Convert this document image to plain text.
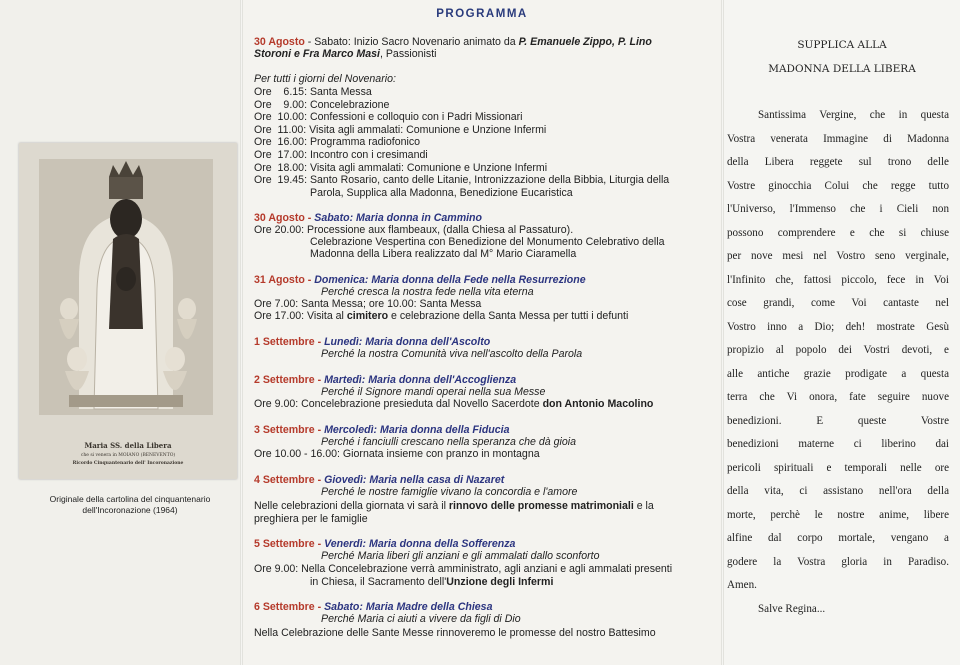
Maria SS. della Libera
che si venera in MOIANO (BENEVENTO)
Ricordo Cinquantenario dell' Incoronazione
Originale della cartolina del cinquantenario
dell'Incoronazione (1964)
PROGRAMMA
30 Agosto - Sabato: Inizio Sacro Novenario animato da P. Emanuele Zippo, P. Lino
Storoni e Fra Marco Masi, Passionisti
Per tutti i giorni del Novenario:
Ore    6.15: Santa Messa
Ore    9.00: Concelebrazione
Ore  10.00: Confessioni e colloquio con i Padri Missionari
Ore  11.00: Visita agli ammalati: Comunione e Unzione Infermi
Ore  16.00: Programma radiofonico
Ore  17.00: Incontro con i cresimandi
Ore  18.00: Visita agli ammalati: Comunione e Unzione Infermi
Ore  19.45: Santo Rosario, canto delle Litanie, Intronizzazione della Bibbia, Liturgia della
Parola, Supplica alla Madonna, Benedizione Eucaristica
30 Agosto - Sabato: Maria donna in Cammino
Ore 20.00: Processione aux flambeaux, (dalla Chiesa al Passaturo).
Celebrazione Vespertina con Benedizione del Monumento Celebrativo della
Madonna della Libera realizzato dal M° Mario Ciaramella
31 Agosto - Domenica: Maria donna della Fede nella Resurrezione
Perché cresca la nostra fede nella vita eterna
Ore 7.00: Santa Messa; ore 10.00: Santa Messa
Ore 17.00: Visita al cimitero e celebrazione della Santa Messa per tutti i defunti
1 Settembre - Lunedì: Maria donna dell'Ascolto
Perché la nostra Comunità viva nell'ascolto della Parola
2 Settembre - Martedì: Maria donna dell'Accoglienza
Perché il Signore mandi operai nella sua Messe
Ore 9.00: Concelebrazione presieduta dal Novello Sacerdote don Antonio Macolino
3 Settembre - Mercoledì: Maria donna della Fiducia
Perché i fanciulli crescano nella speranza che dà gioia
Ore 10.00 - 16.00: Giornata insieme con pranzo in montagna
4 Settembre - Giovedì: Maria nella casa di Nazaret
Perché le nostre famiglie vivano la concordia e l'amore
Nelle celebrazioni della giornata vi sarà il rinnovo delle promesse matrimoniali e la
preghiera per le famiglie
5 Settembre - Venerdì: Maria donna della Sofferenza
Perché Maria liberi gli anziani e gli ammalati dallo sconforto
Ore 9.00: Nella Concelebrazione verrà amministrato, agli anziani e agli ammalati presenti
in Chiesa, il Sacramento dell'Unzione degli Infermi
6 Settembre - Sabato: Maria Madre della Chiesa
Perché Maria ci aiuti a vivere da figli di Dio
Nella Celebrazione delle Sante Messe rinnoveremo le promesse del nostro Battesimo
SUPPLICA ALLA
MADONNA DELLA LIBERA
Santissima Vergine, che in questa
Vostra venerata Immagine di Madonna
della Libera reggete sul trono delle
Vostre ginocchia Colui che regge tutto
l'Universo, l'Immenso che i Cieli non
possono comprendere e che si chiuse
per nove mesi nel Vostro seno verginale,
l'Infinito che, fattosi piccolo, fece in Voi
cose grandi, come Voi cantaste nel
Vostro inno a Dio; deh! mostrate Gesù
propizio al popolo dei Vostri devoti, e
alle antiche grazie prodigate a questa
terra che Vi onora, fate seguire nuove
benedizioni. E queste Vostre
benedizioni materne ci liberino dai
pericoli spirituali e temporali nelle ore
della vita, ci assistano nell'ora della
morte, perchè le nostre anime, libere
alfine dal corpo mortale, vengano a
godere la Vostra gloria in Paradiso.
Amen.
Salve Regina...
